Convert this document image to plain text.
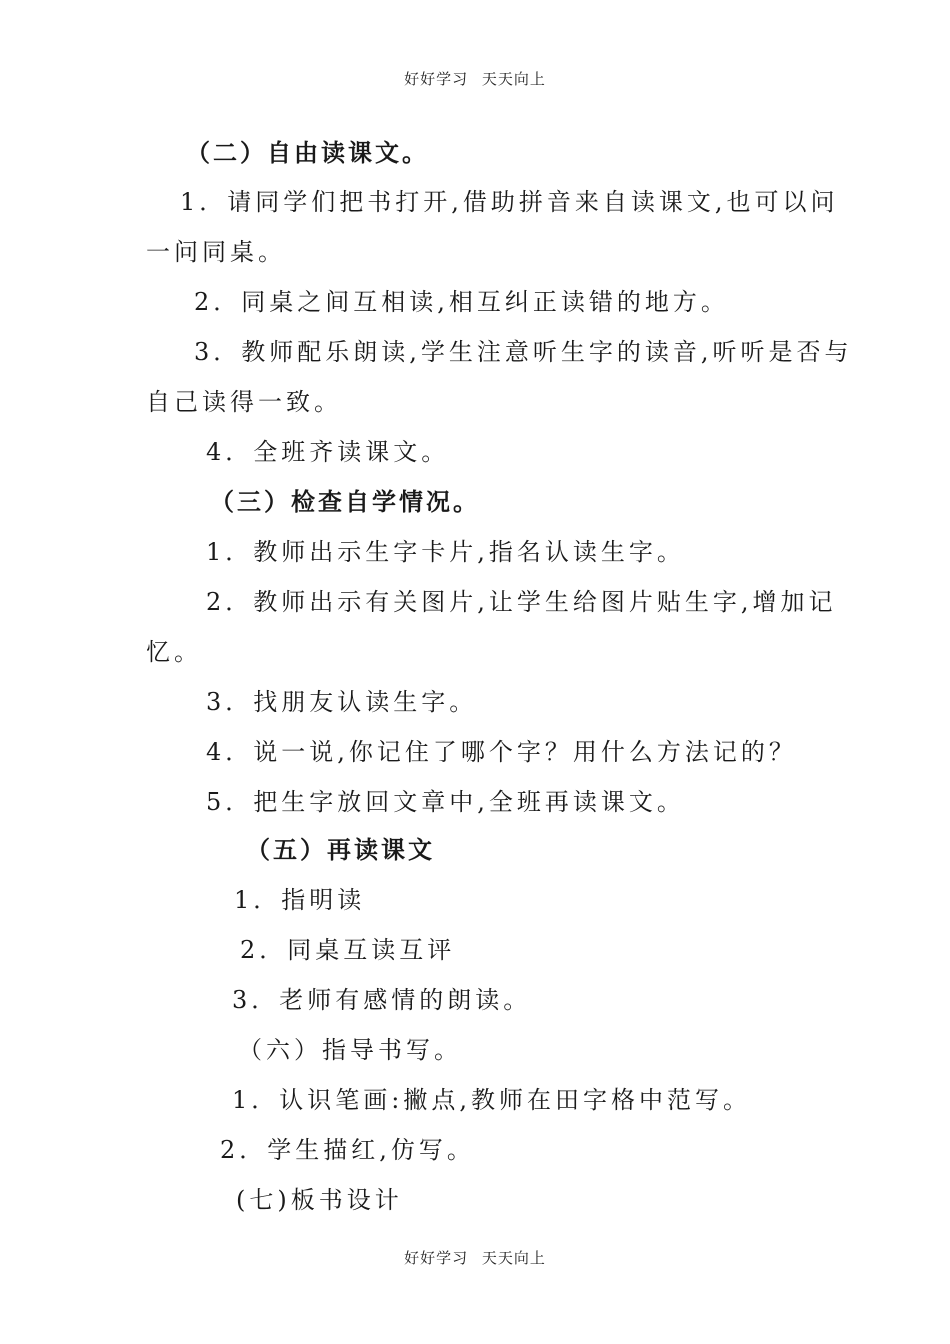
好好学习 天天向上
（二）自由读课文。
1．请同学们把书打开,借助拼音来自读课文,也可以问
一问同桌。
2．同桌之间互相读,相互纠正读错的地方。
3．教师配乐朗读,学生注意听生字的读音,听听是否与
自己读得一致。
4．全班齐读课文。
（三）检查自学情况。
1．教师出示生字卡片,指名认读生字。
2．教师出示有关图片,让学生给图片贴生字,增加记
忆。
3．找朋友认读生字。
4．说一说,你记住了哪个字？用什么方法记的？
5．把生字放回文章中,全班再读课文。
（五）再读课文
1．指明读
2．同桌互读互评
3．老师有感情的朗读。
（六）指导书写。
1．认识笔画:撇点,教师在田字格中范写。
2．学生描红,仿写。
(七)板书设计
好好学习 天天向上
